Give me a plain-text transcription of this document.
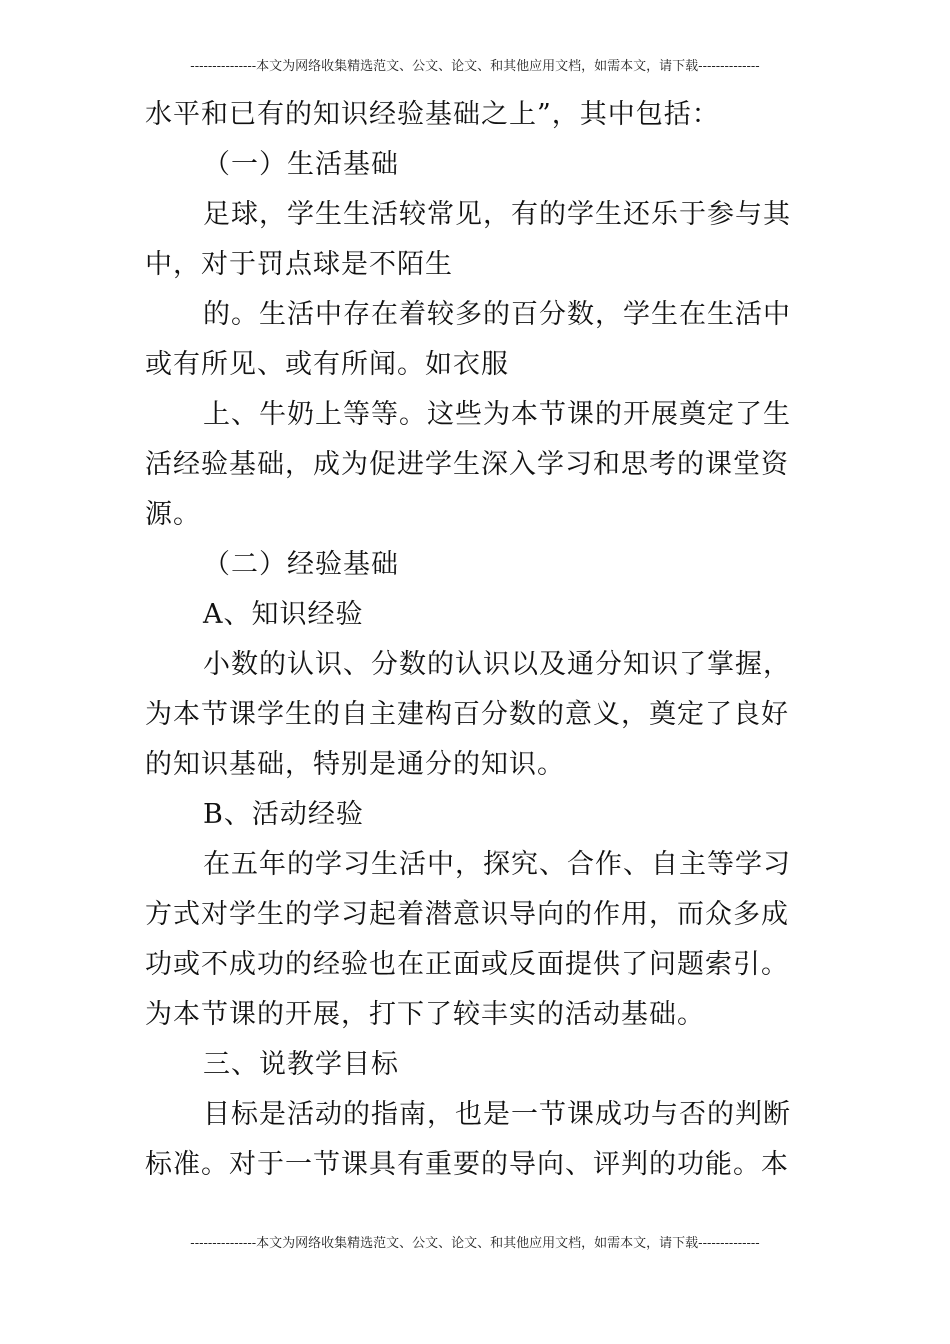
---------------本文为网络收集精选范文、公文、论文、和其他应用文档，如需本文，请下载--------------

水平和已有的知识经验基础之上”，其中包括：

（一）生活基础

足球，学生生活较常见，有的学生还乐于参与其中，对于罚点球是不陌生

的。生活中存在着较多的百分数，学生在生活中或有所见、或有所闻。如衣服

上、牛奶上等等。这些为本节课的开展奠定了生活经验基础，成为促进学生深入学习和思考的课堂资源。

（二）经验基础

A、知识经验

小数的认识、分数的认识以及通分知识了掌握，为本节课学生的自主建构百分数的意义，奠定了良好的知识基础，特别是通分的知识。

B、活动经验

在五年的学习生活中，探究、合作、自主等学习方式对学生的学习起着潜意识导向的作用，而众多成功或不成功的经验也在正面或反面提供了问题索引。为本节课的开展，打下了较丰实的活动基础。

三、说教学目标

目标是活动的指南，也是一节课成功与否的判断标准。对于一节课具有重要的导向、评判的功能。本

---------------本文为网络收集精选范文、公文、论文、和其他应用文档，如需本文，请下载--------------
